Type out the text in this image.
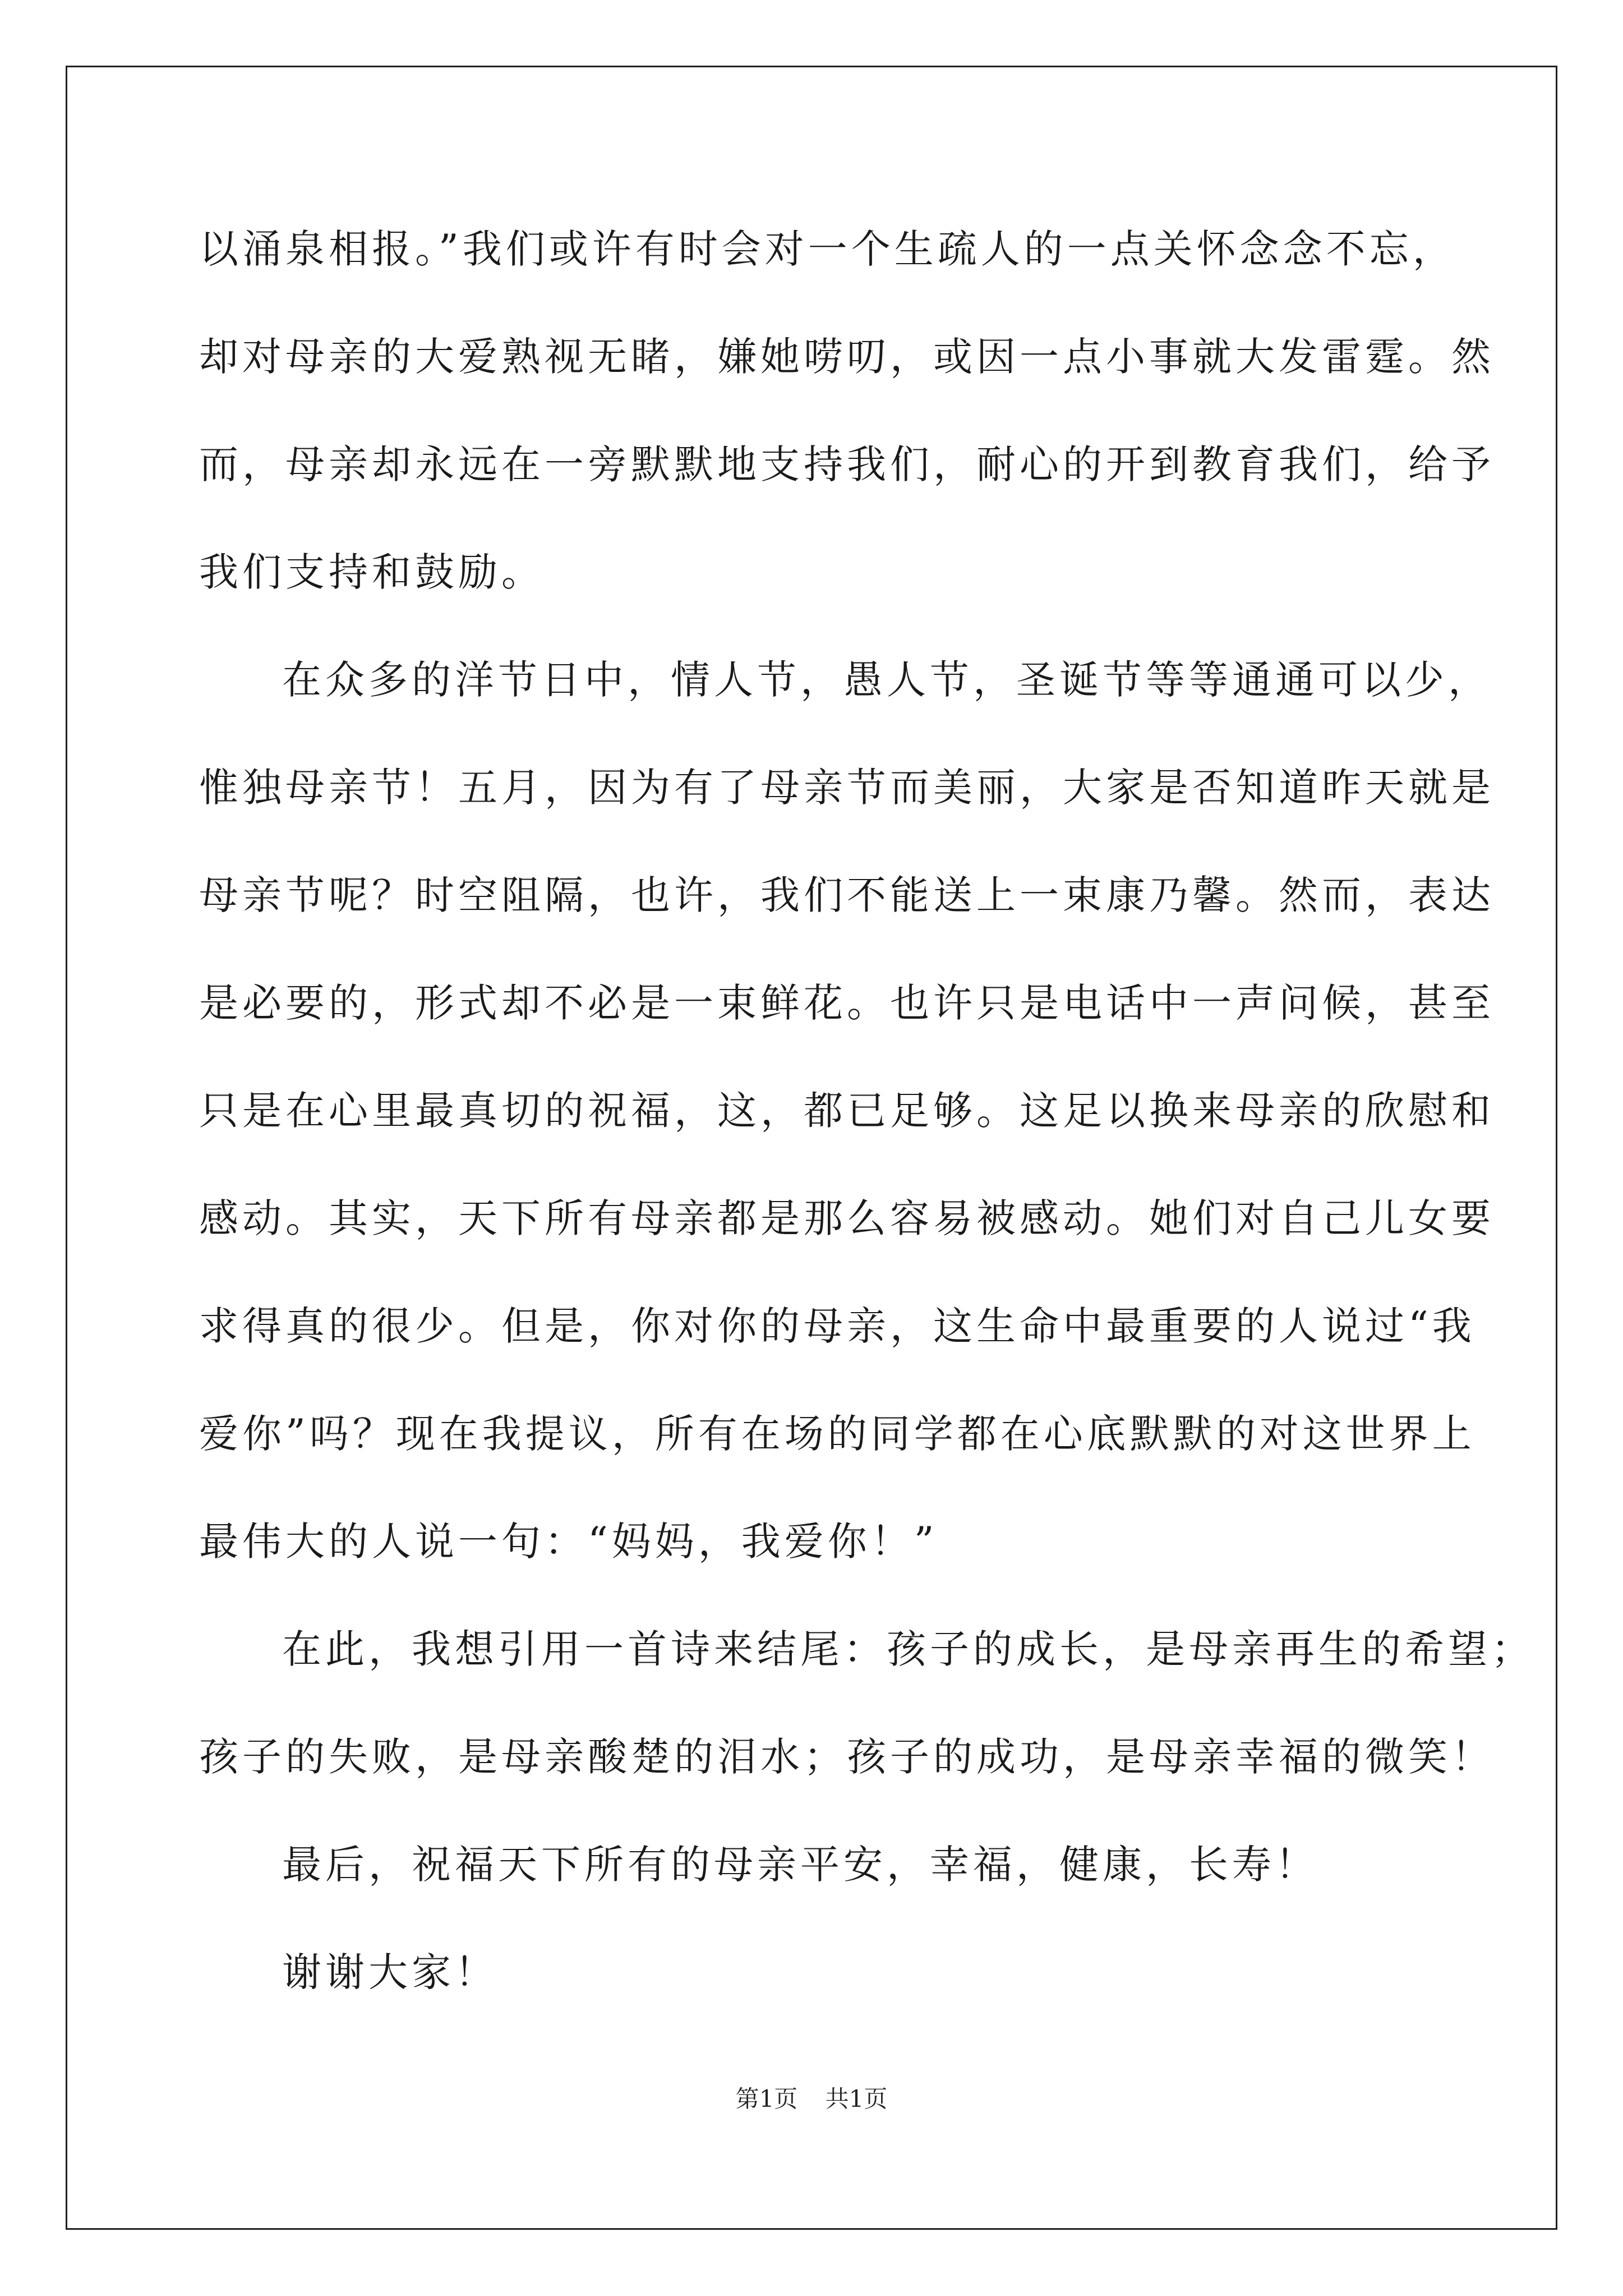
以涌泉相报。”我们或许有时会对一个生疏人的一点关怀念念不忘，
却对母亲的大爱熟视无睹，嫌她唠叨，或因一点小事就大发雷霆。然
而，母亲却永远在一旁默默地支持我们，耐心的开到教育我们，给予
我们支持和鼓励。
在众多的洋节日中，情人节，愚人节，圣诞节等等通通可以少，
惟独母亲节！五月，因为有了母亲节而美丽，大家是否知道昨天就是
母亲节呢？时空阻隔，也许，我们不能送上一束康乃馨。然而，表达
是必要的，形式却不必是一束鲜花。也许只是电话中一声问候，甚至
只是在心里最真切的祝福，这，都已足够。这足以换来母亲的欣慰和
感动。其实，天下所有母亲都是那么容易被感动。她们对自己儿女要
求得真的很少。但是，你对你的母亲，这生命中最重要的人说过“我
爱你”吗？现在我提议，所有在场的同学都在心底默默的对这世界上
最伟大的人说一句：“妈妈，我爱你！”
在此，我想引用一首诗来结尾：孩子的成长，是母亲再生的希望；
孩子的失败，是母亲酸楚的泪水；孩子的成功，是母亲幸福的微笑！
最后，祝福天下所有的母亲平安，幸福，健康，长寿！
谢谢大家！
第1页 共1页
